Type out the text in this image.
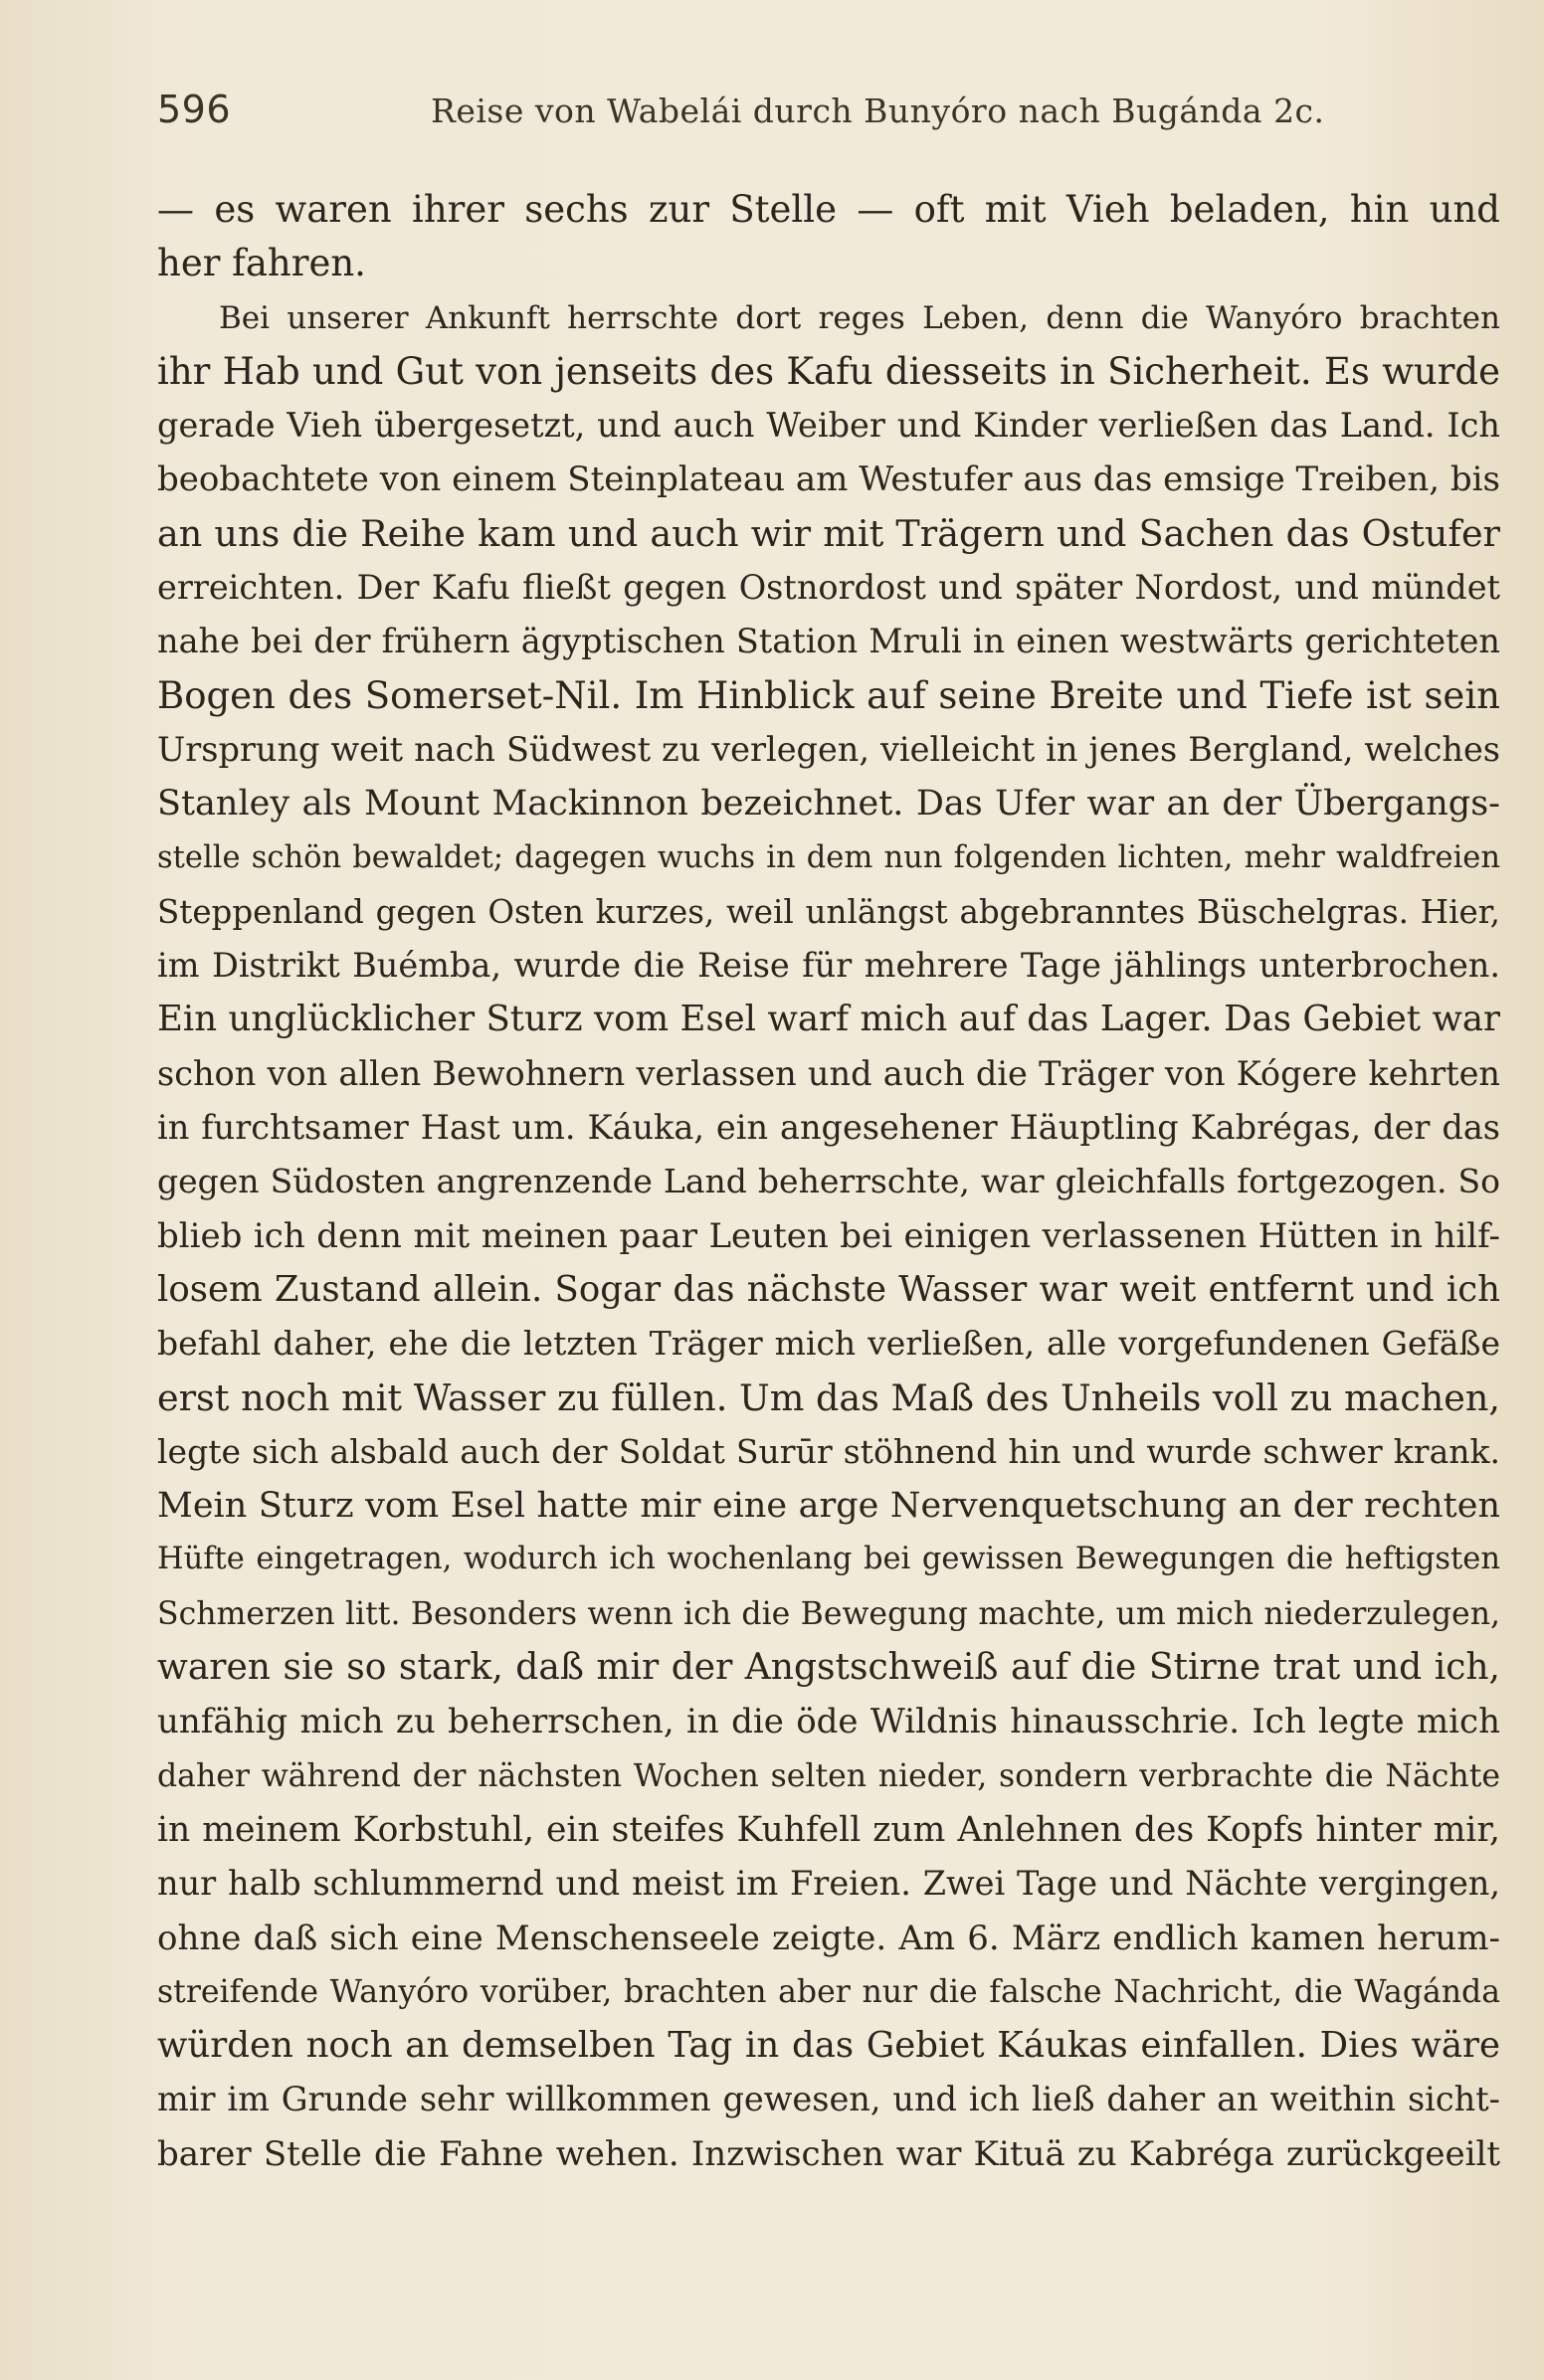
596	Reise von Wabelái durch Bunyóro nach Bugánda 2c.
— es waren ihrer sechs zur Stelle — oft mit Vieh beladen, hin und
her fahren.
Bei unserer Ankunft herrschte dort reges Leben, denn die Wanyóro brachten
ihr Hab und Gut von jenseits des Kafu diesseits in Sicherheit. Es wurde
gerade Vieh übergesetzt, und auch Weiber und Kinder verließen das Land. Ich
beobachtete von einem Steinplateau am Westufer aus das emsige Treiben, bis
an uns die Reihe kam und auch wir mit Trägern und Sachen das Ostufer
erreichten. Der Kafu fließt gegen Ostnordost und später Nordost, und mündet
nahe bei der frühern ägyptischen Station Mruli in einen westwärts gerichteten
Bogen des Somerset-Nil. Im Hinblick auf seine Breite und Tiefe ist sein
Ursprung weit nach Südwest zu verlegen, vielleicht in jenes Bergland, welches
Stanley als Mount Mackinnon bezeichnet. Das Ufer war an der Übergangs-
stelle schön bewaldet; dagegen wuchs in dem nun folgenden lichten, mehr waldfreien
Steppenland gegen Osten kurzes, weil unlängst abgebranntes Büschelgras. Hier,
im Distrikt Buémba, wurde die Reise für mehrere Tage jählings unterbrochen.
Ein unglücklicher Sturz vom Esel warf mich auf das Lager. Das Gebiet war
schon von allen Bewohnern verlassen und auch die Träger von Kógere kehrten
in furchtsamer Hast um. Káuka, ein angesehener Häuptling Kabrégas, der das
gegen Südosten angrenzende Land beherrschte, war gleichfalls fortgezogen. So
blieb ich denn mit meinen paar Leuten bei einigen verlassenen Hütten in hilf-
losem Zustand allein. Sogar das nächste Wasser war weit entfernt und ich
befahl daher, ehe die letzten Träger mich verließen, alle vorgefundenen Gefäße
erst noch mit Wasser zu füllen. Um das Maß des Unheils voll zu machen,
legte sich alsbald auch der Soldat Surūr stöhnend hin und wurde schwer krank.
Mein Sturz vom Esel hatte mir eine arge Nervenquetschung an der rechten
Hüfte eingetragen, wodurch ich wochenlang bei gewissen Bewegungen die heftigsten
Schmerzen litt. Besonders wenn ich die Bewegung machte, um mich niederzulegen,
waren sie so stark, daß mir der Angstschweiß auf die Stirne trat und ich,
unfähig mich zu beherrschen, in die öde Wildnis hinausschrie. Ich legte mich
daher während der nächsten Wochen selten nieder, sondern verbrachte die Nächte
in meinem Korbstuhl, ein steifes Kuhfell zum Anlehnen des Kopfs hinter mir,
nur halb schlummernd und meist im Freien. Zwei Tage und Nächte vergingen,
ohne daß sich eine Menschenseele zeigte. Am 6. März endlich kamen herum-
streifende Wanyóro vorüber, brachten aber nur die falsche Nachricht, die Wagánda
würden noch an demselben Tag in das Gebiet Káukas einfallen. Dies wäre
mir im Grunde sehr willkommen gewesen, und ich ließ daher an weithin sicht-
barer Stelle die Fahne wehen. Inzwischen war Kituä zu Kabréga zurückgeeilt
